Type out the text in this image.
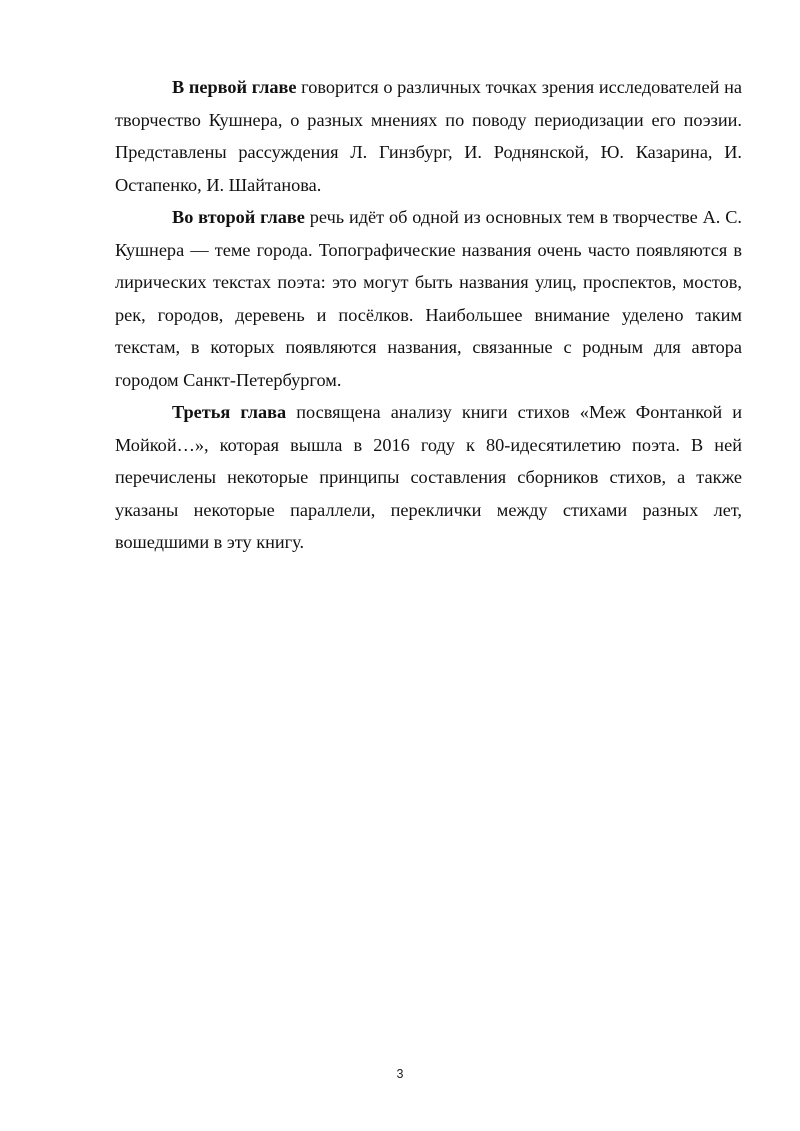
В первой главе говорится о различных точках зрения исследователей на творчество Кушнера, о разных мнениях по поводу периодизации его поэзии. Представлены рассуждения Л. Гинзбург, И. Роднянской, Ю. Казарина, И. Остапенко, И. Шайтанова.

Во второй главе речь идёт об одной из основных тем в творчестве А. С. Кушнера — теме города. Топографические названия очень часто появляются в лирических текстах поэта: это могут быть названия улиц, проспектов, мостов, рек, городов, деревень и посёлков. Наибольшее внимание уделено таким текстам, в которых появляются названия, связанные с родным для автора городом Санкт-Петербургом.

Третья глава посвящена анализу книги стихов «Меж Фонтанкой и Мойкой…», которая вышла в 2016 году к 80-идесятилетию поэта. В ней перечислены некоторые принципы составления сборников стихов, а также указаны некоторые параллели, переклички между стихами разных лет, вошедшими в эту книгу.

3
